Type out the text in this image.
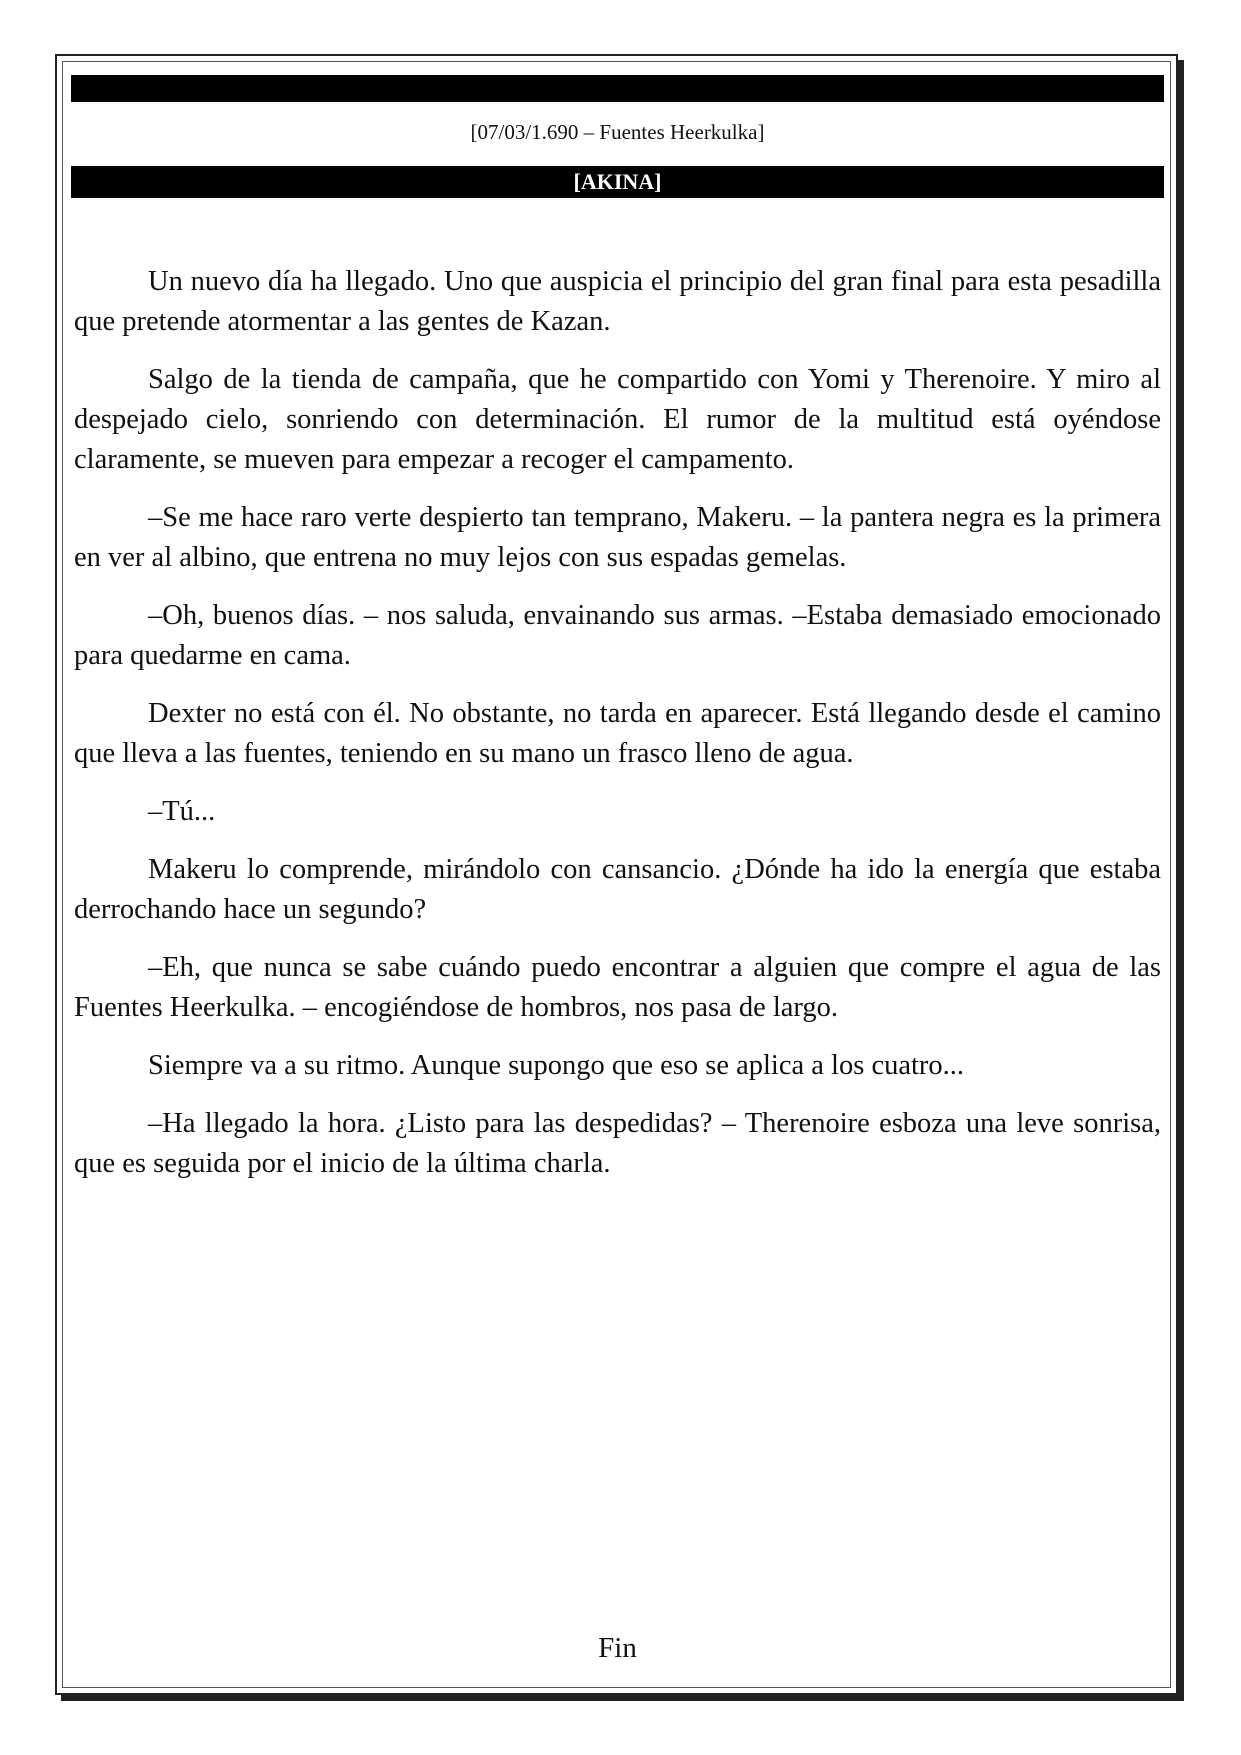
[07/03/1.690 – Fuentes Heerkulka]
[AKINA]

Un nuevo día ha llegado. Uno que auspicia el principio del gran final para esta pesadilla que pretende atormentar a las gentes de Kazan.

Salgo de la tienda de campaña, que he compartido con Yomi y Therenoire. Y miro al despejado cielo, sonriendo con determinación. El rumor de la multitud está oyéndose claramente, se mueven para empezar a recoger el campamento.

–Se me hace raro verte despierto tan temprano, Makeru. – la pantera negra es la primera en ver al albino, que entrena no muy lejos con sus espadas gemelas.

–Oh, buenos días. – nos saluda, envainando sus armas. –Estaba demasiado emocionado para quedarme en cama.

Dexter no está con él. No obstante, no tarda en aparecer. Está llegando desde el camino que lleva a las fuentes, teniendo en su mano un frasco lleno de agua.

–Tú...

Makeru lo comprende, mirándolo con cansancio. ¿Dónde ha ido la energía que estaba derrochando hace un segundo?

–Eh, que nunca se sabe cuándo puedo encontrar a alguien que compre el agua de las Fuentes Heerkulka. – encogiéndose de hombros, nos pasa de largo.

Siempre va a su ritmo. Aunque supongo que eso se aplica a los cuatro...

–Ha llegado la hora. ¿Listo para las despedidas? – Therenoire esboza una leve sonrisa, que es seguida por el inicio de la última charla.

Fin
